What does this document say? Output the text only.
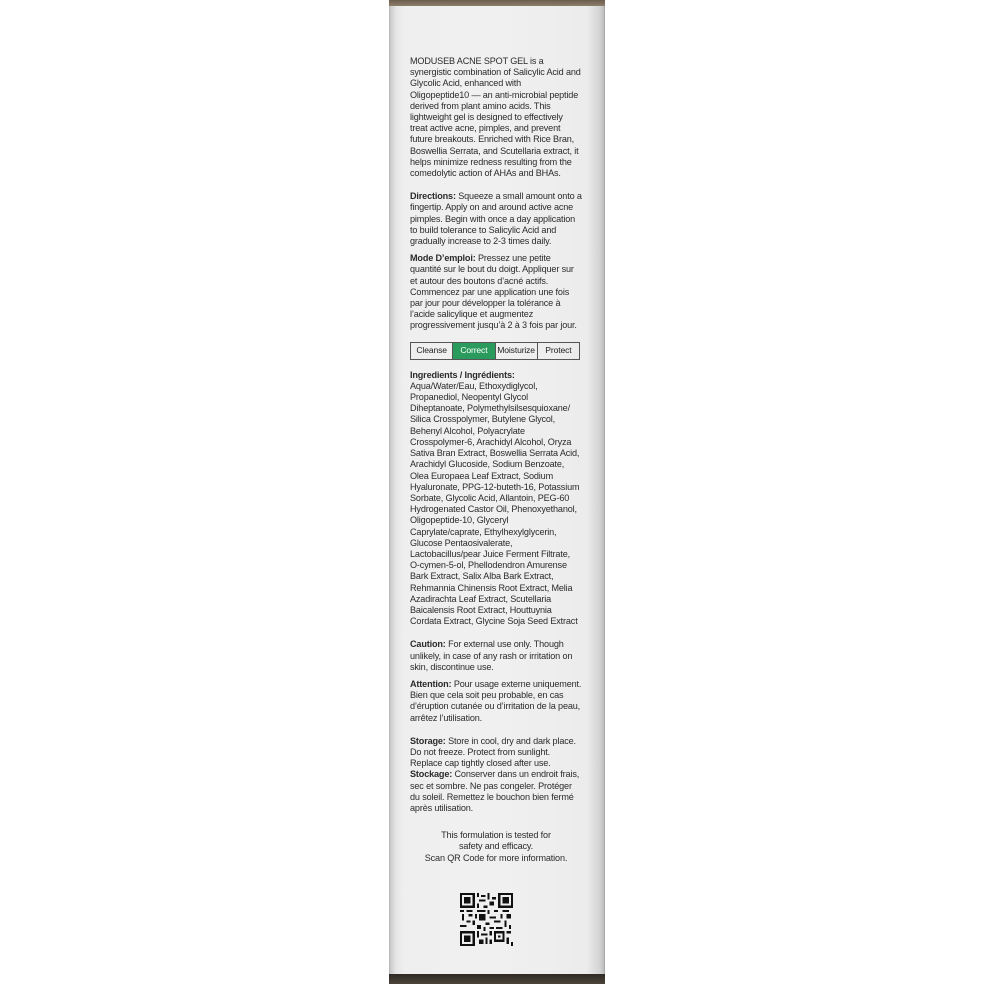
MODUSEB ACNE SPOT GEL is a synergistic combination of Salicylic Acid and Glycolic Acid, enhanced with Oligopeptide10 — an anti-microbial peptide derived from plant amino acids. This lightweight gel is designed to effectively treat active acne, pimples, and prevent future breakouts. Enriched with Rice Bran, Boswellia Serrata, and Scutellaria extract, it helps minimize redness resulting from the comedolytic action of AHAs and BHAs.

Directions: Squeeze a small amount onto a fingertip. Apply on and around active acne pimples. Begin with once a day application to build tolerance to Salicylic Acid and gradually increase to 2-3 times daily.

Mode D’emploi: Pressez une petite quantité sur le bout du doigt. Appliquer sur et autour des boutons d’acné actifs. Commencez par une application une fois par jour pour développer la tolérance à l’acide salicylique et augmentez progressivement jusqu’à 2 à 3 fois par jour.

Cleanse	Correct	Moisturize	Protect

Ingredients / Ingrédients:
Aqua/Water/Eau, Ethoxydiglycol, Propanediol, Neopentyl Glycol Diheptanoate, Polymethylsilsesquioxane/ Silica Crosspolymer, Butylene Glycol, Behenyl Alcohol, Polyacrylate Crosspolymer-6, Arachidyl Alcohol, Oryza Sativa Bran Extract, Boswellia Serrata Acid, Arachidyl Glucoside, Sodium Benzoate, Olea Europaea Leaf Extract, Sodium Hyaluronate, PPG-12-buteth-16, Potassium Sorbate, Glycolic Acid, Allantoin, PEG-60 Hydrogenated Castor Oil, Phenoxyethanol, Oligopeptide-10, Glyceryl Caprylate/caprate, Ethylhexylglycerin, Glucose Pentaosivalerate, Lactobacillus/pear Juice Ferment Filtrate, O-cymen-5-ol, Phellodendron Amurense Bark Extract, Salix Alba Bark Extract, Rehmannia Chinensis Root Extract, Melia Azadirachta Leaf Extract, Scutellaria Baicalensis Root Extract, Houttuynia Cordata Extract, Glycine Soja Seed Extract

Caution: For external use only. Though unlikely, in case of any rash or irritation on skin, discontinue use.

Attention: Pour usage externe uniquement. Bien que cela soit peu probable, en cas d’éruption cutanée ou d’irritation de la peau, arrêtez l’utilisation.

Storage: Store in cool, dry and dark place. Do not freeze. Protect from sunlight. Replace cap tightly closed after use.

Stockage: Conserver dans un endroit frais, sec et sombre. Ne pas congeler. Protéger du soleil. Remettez le bouchon bien fermé après utilisation.

This formulation is tested for
safety and efficacy.
Scan QR Code for more information.
